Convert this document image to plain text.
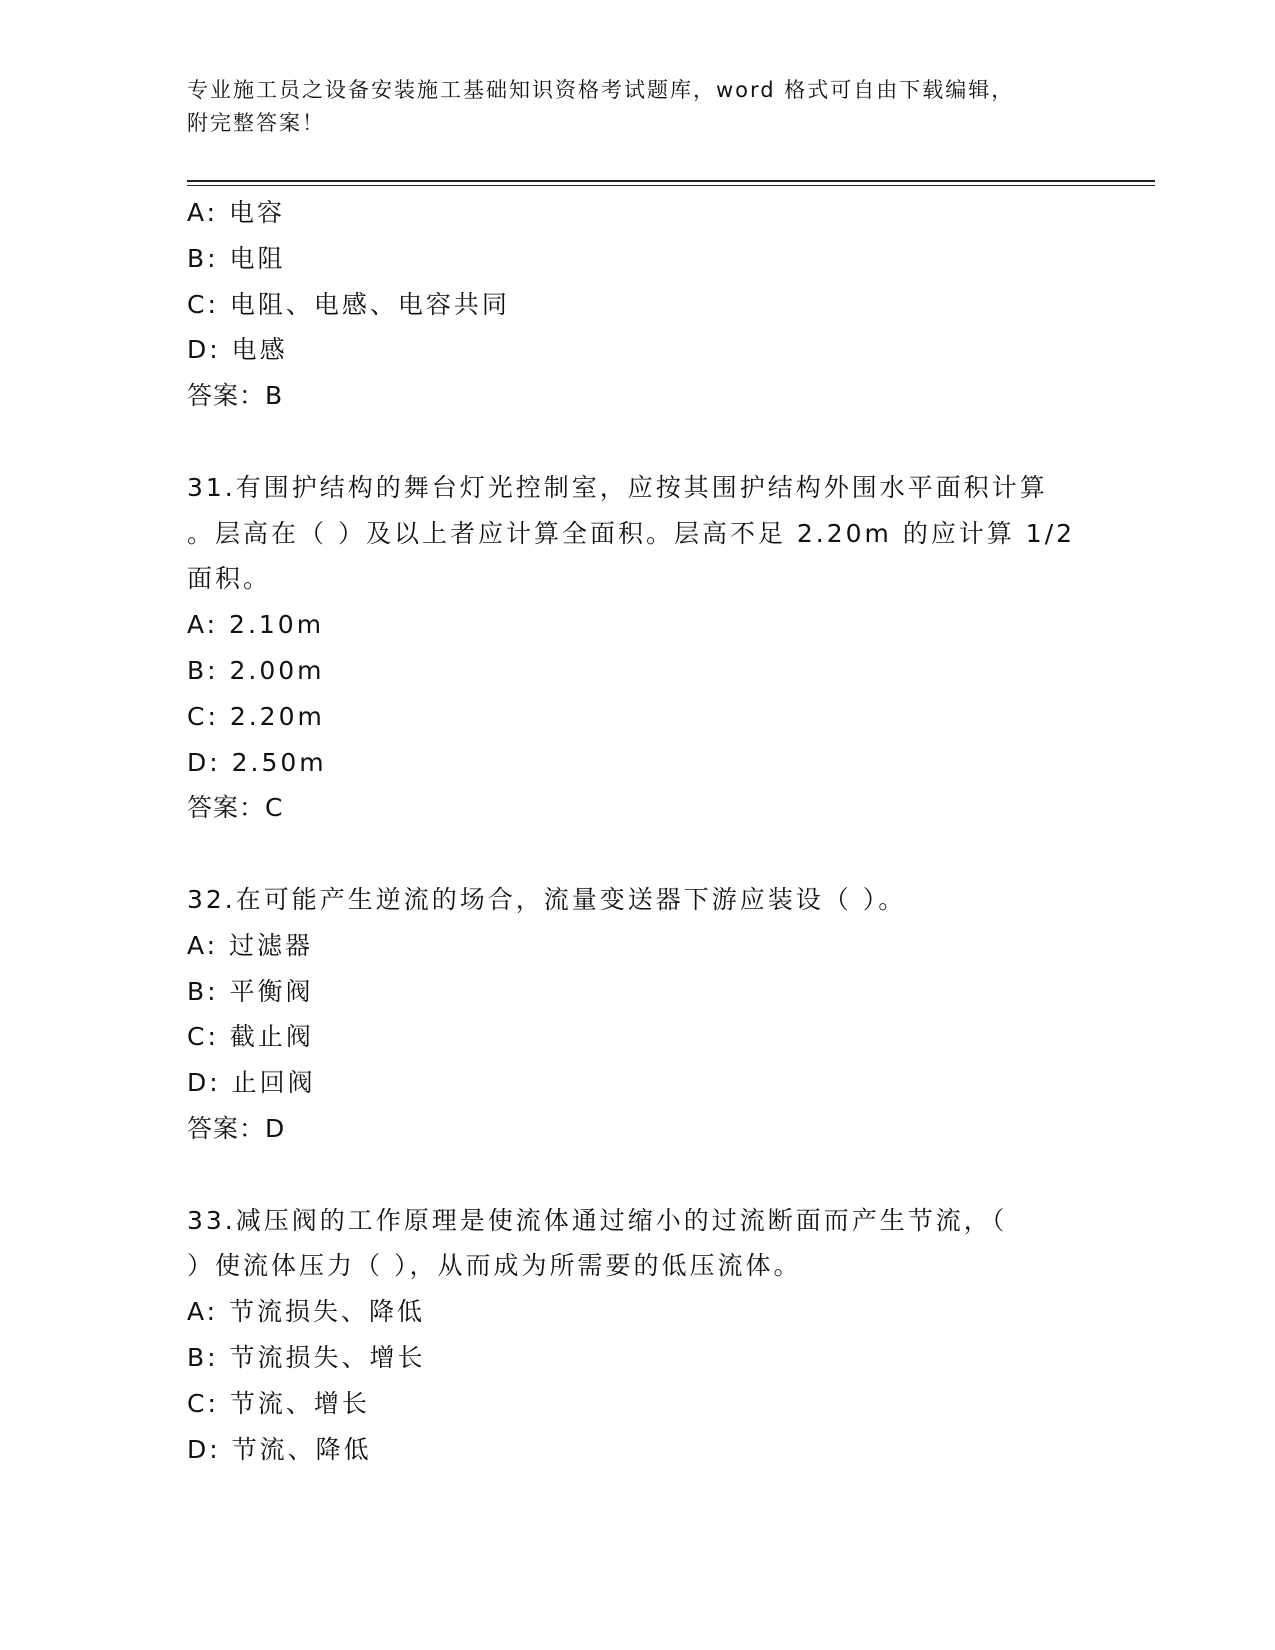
专业施工员之设备安装施工基础知识资格考试题库，word 格式可自由下载编辑，
附完整答案！
A: 电容
B: 电阻
C: 电阻、电感、电容共同
D: 电感
答案：B
31.有围护结构的舞台灯光控制室，应按其围护结构外围水平面积计算
。层高在（ ）及以上者应计算全面积。层高不足 2.20m 的应计算 1/2
面积。
A: 2.10m
B: 2.00m
C: 2.20m
D: 2.50m
答案：C
32.在可能产生逆流的场合，流量变送器下游应装设（ ）。
A: 过滤器
B: 平衡阀
C: 截止阀
D: 止回阀
答案：D
33.减压阀的工作原理是使流体通过缩小的过流断面而产生节流，（
）使流体压力（ ），从而成为所需要的低压流体。
A: 节流损失、降低
B: 节流损失、增长
C: 节流、增长
D: 节流、降低
